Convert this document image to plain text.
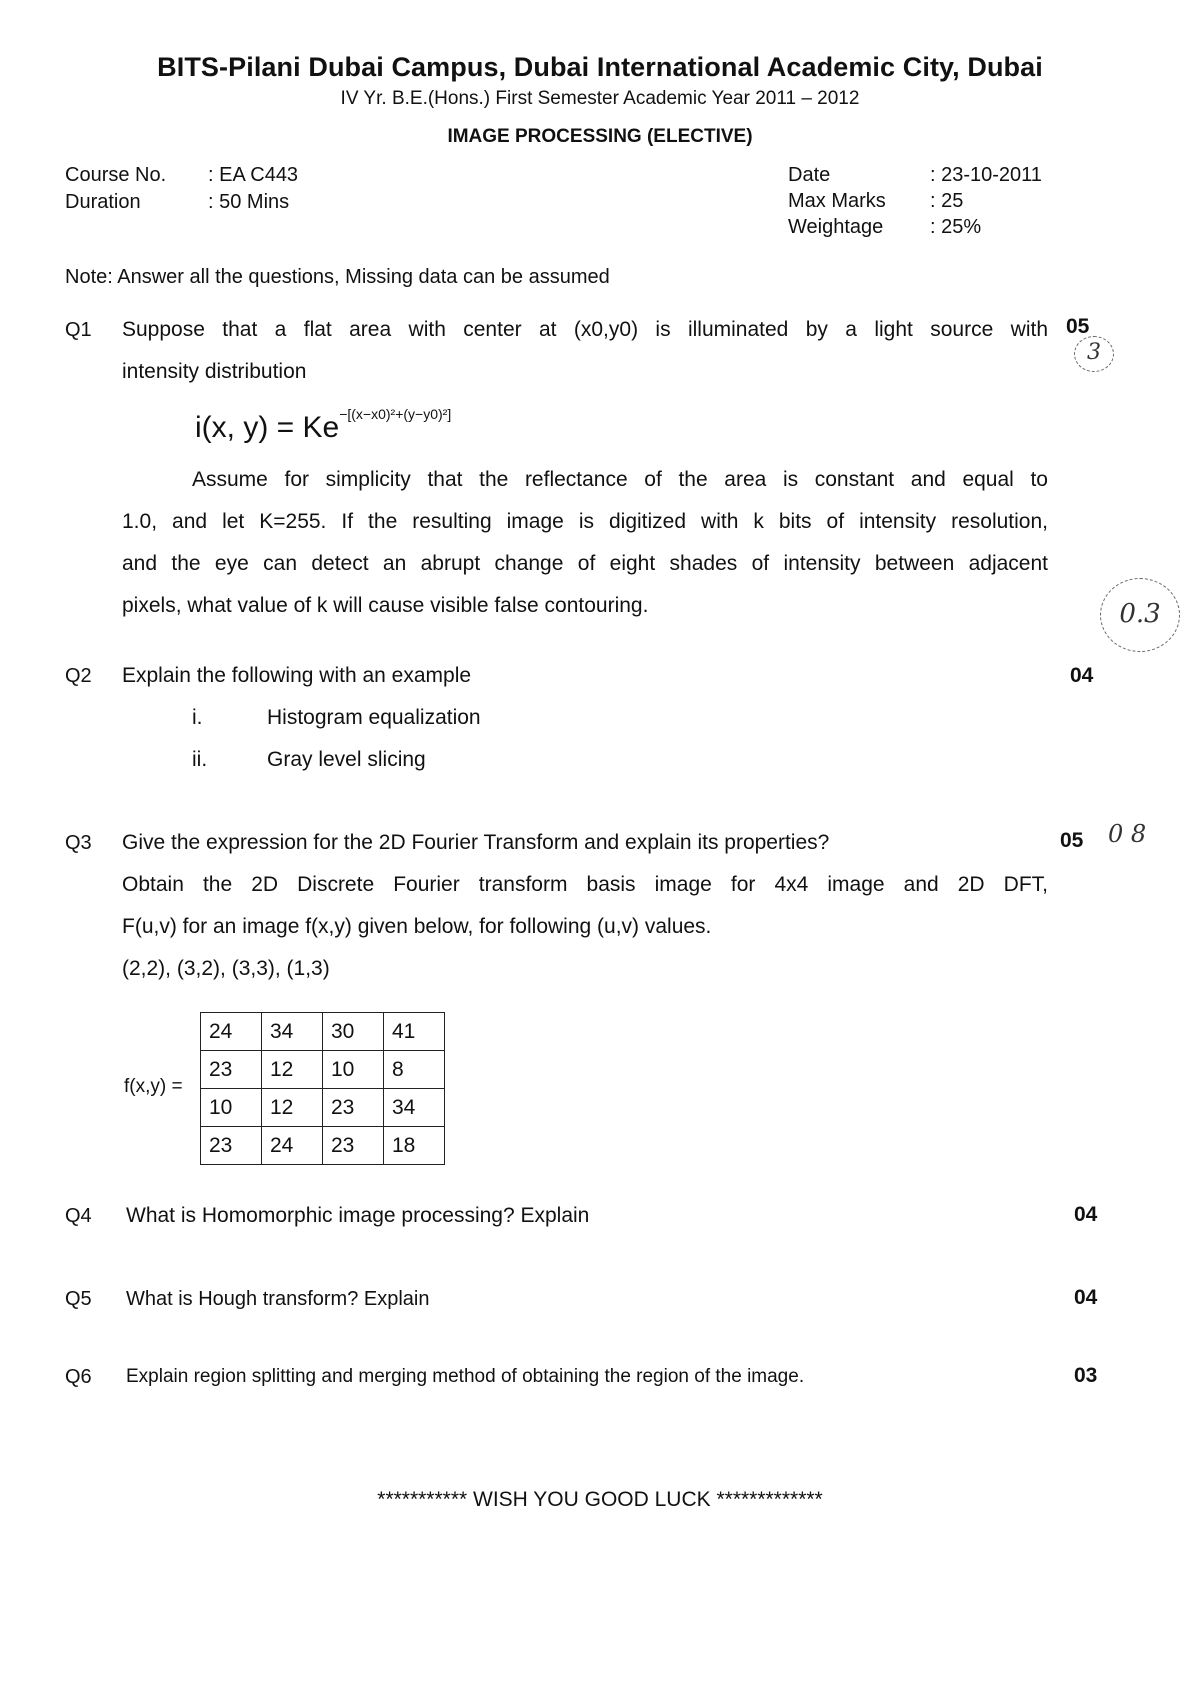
BITS-Pilani Dubai Campus, Dubai International Academic City, Dubai
IV Yr. B.E.(Hons.) First Semester Academic Year 2011 – 2012
IMAGE PROCESSING (ELECTIVE)
Course No. : EA C443
Duration	: 50 Mins
Date	: 23-10-2011
Max Marks : 25
Weightage : 25%
Note: Answer all the questions, Missing data can be assumed
Q1 Suppose that a flat area with center at (x0,y0) is illuminated by a light source with
intensity distribution
i(x, $y) = Ke^{-[(x-x0)^2+(y-y0)^2]}$
Assume for simplicity that the reflectance of the area is constant and equal to
1.0, and let K=255. If the resulting image is digitized with k bits of intensity resolution,
and the eye can detect an abrupt change of eight shades of intensity between adjacent
pixels, what value of k will cause visible false contouring.
05
3
0.3
Q2 Explain the following with an example
i.	Histogram equalization
ii.	Gray level slicing
04
Q3 Give the expression for the 2D Fourier Transform and explain its properties?
Obtain the 2D Discrete Fourier transform basis image for 4x4 image and 2D DFT,
F(u,v) for an image f(x,y) given below, for following (u,v) values.
(2,2), (3,2), (3,3), (1,3)
05 0 8
f(x,y) =
24	34	30	41
23	12	10	8
10	12	23	34
23	24	23	18
Q4 What is Homomorphic image processing? Explain	04
Q5 What is Hough transform? Explain	04
Q6 Explain region splitting and merging method of obtaining the region of the image.	03
*********** WISH YOU GOOD LUCK *************
